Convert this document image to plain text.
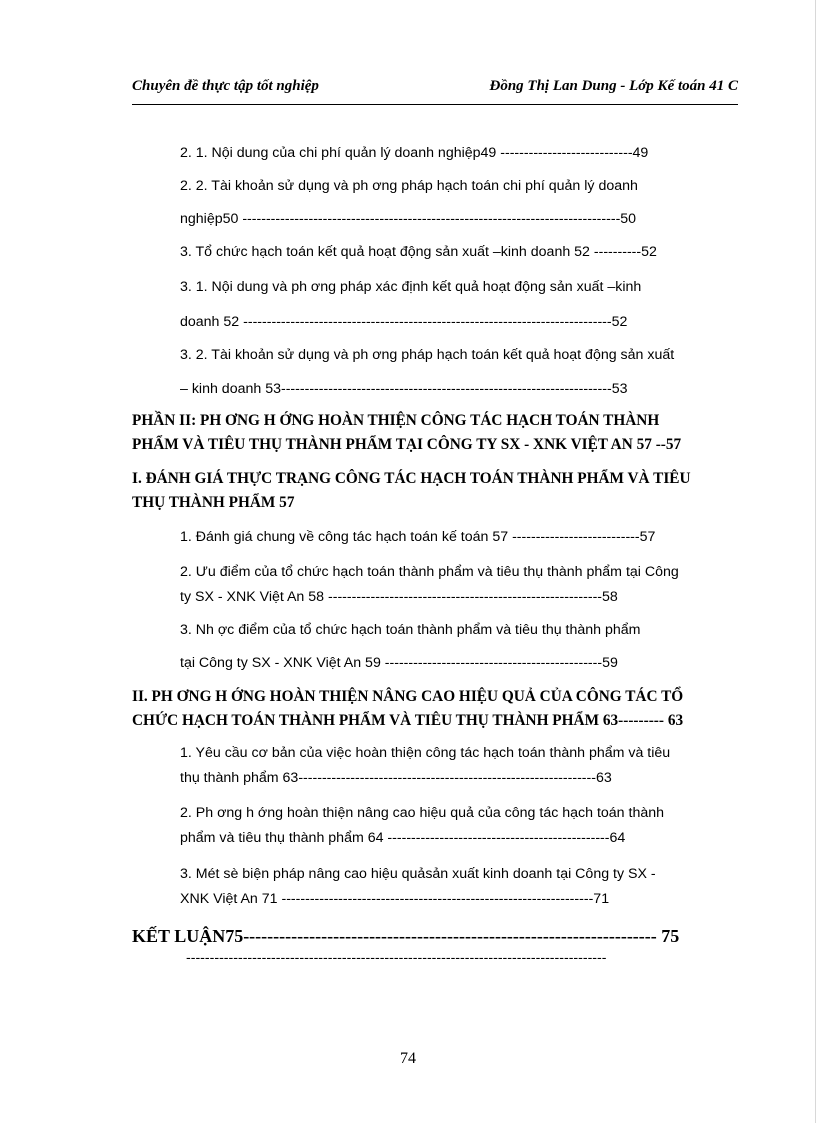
Chuyên đề thực tập tốt nghiệp	Đồng Thị Lan Dung - Lớp Kế toán 41 C
2. 1. Nội dung của chi phí quản lý doanh nghiệp49 ----------------------------49
2. 2. Tài khoản sử dụng và ph ơng pháp hạch toán chi phí quản lý doanh
nghiệp50 --------------------------------------------------------------------------------50
3. Tổ chức hạch toán kết quả hoạt động sản xuất –kinh doanh 52 ----------52
3. 1. Nội dung và ph ơng pháp xác định kết quả hoạt động sản xuất –kinh
doanh 52 ------------------------------------------------------------------------------52
3. 2. Tài khoản sử dụng và ph ơng pháp hạch toán kết quả hoạt động sản xuất
– kinh doanh 53----------------------------------------------------------------------53
PHẦN II: PH ƠNG H ỚNG HOÀN THIỆN CÔNG TÁC HẠCH TOÁN THÀNH
PHẨM VÀ TIÊU THỤ THÀNH PHẨM TẠI CÔNG TY SX - XNK VIỆT AN 57 --57
I. ĐÁNH GIÁ THỰC TRẠNG CÔNG TÁC HẠCH TOÁN THÀNH PHẨM VÀ TIÊU
THỤ THÀNH PHẨM 57
1. Đánh giá chung về công tác hạch toán kế toán 57 ---------------------------57
2. Ưu điểm của tổ chức hạch toán thành phẩm và tiêu thụ thành phẩm tại Công
ty SX - XNK Việt An 58 ----------------------------------------------------------58
3. Nh ợc điểm của tổ chức hạch toán thành phẩm và tiêu thụ thành phẩm
tại Công ty SX - XNK Việt An 59 ----------------------------------------------59
II. PH ƠNG H ỚNG HOÀN THIỆN NÂNG CAO HIỆU QUẢ CỦA CÔNG TÁC TỔ
CHỨC HẠCH TOÁN THÀNH PHẨM VÀ TIÊU THỤ THÀNH PHẨM 63--------- 63
1. Yêu cầu cơ bản của việc hoàn thiện công tác hạch toán thành phẩm và tiêu
thụ thành phẩm 63---------------------------------------------------------------63
2. Ph ơng h ớng hoàn thiện nâng cao hiệu quả của công tác hạch toán thành
phẩm và tiêu thụ thành phẩm 64 -----------------------------------------------64
3. Mét sè biện pháp nâng cao hiệu quảsản xuất kinh doanh tại Công ty SX -
XNK Việt An 71 ------------------------------------------------------------------71
KẾT LUẬN75--------------------------------------------------------------------- 75
-----------------------------------------------------------------------------------------
74
